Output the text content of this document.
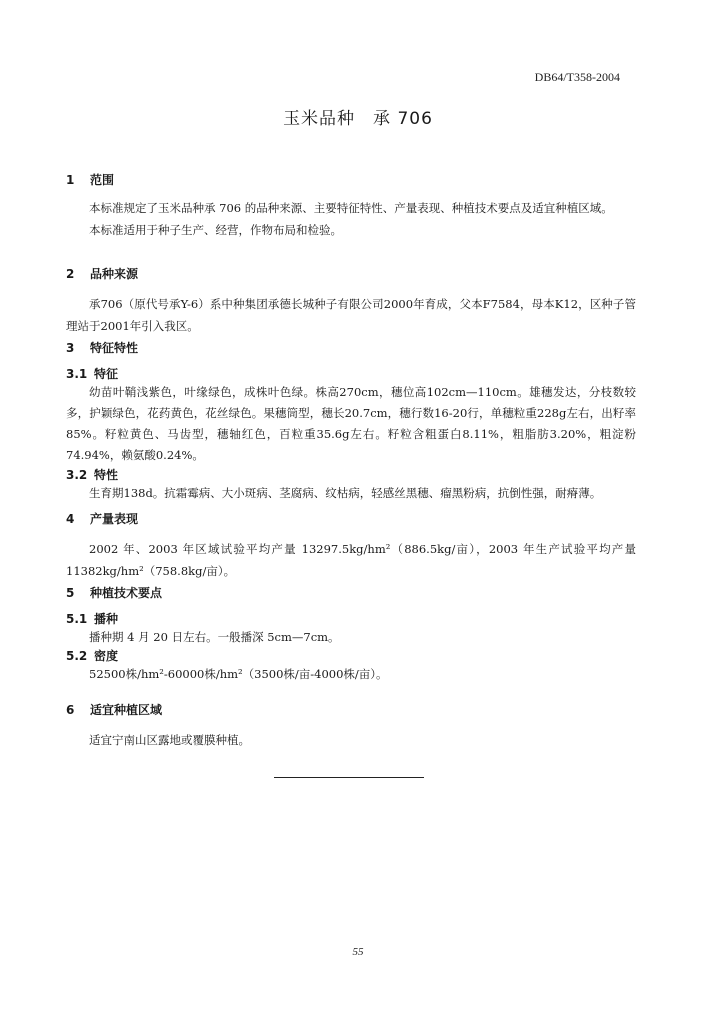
DB64/T358-2004
玉米品种　承 706
1 范围

本标准规定了玉米品种承 706 的品种来源、主要特征特性、产量表现、种植技术要点及适宜种植区域。

本标准适用于种子生产、经营，作物布局和检验。

2 品种来源

承706（原代号承Y-6）系中种集团承德长城种子有限公司2000年育成，父本F7584，母本K12，区种子管理站于2001年引入我区。

3 特征特性
3.1 特征

幼苗叶鞘浅紫色，叶缘绿色，成株叶色绿。株高270cm，穗位高102cm—110cm。雄穗发达，分枝数较多，护颖绿色，花药黄色，花丝绿色。果穗筒型，穗长20.7cm，穗行数16-20行，单穗粒重228g左右，出籽率85%。籽粒黄色、马齿型，穗轴红色，百粒重35.6g左右。籽粒含粗蛋白8.11%，粗脂肪3.20%，粗淀粉74.94%，赖氨酸0.24%。

3.2 特性

生育期138d。抗霜霉病、大小斑病、茎腐病、纹枯病，轻感丝黑穗、瘤黑粉病，抗倒性强，耐瘠薄。

4 产量表现

2002 年、2003 年区域试验平均产量 13297.5kg/hm²（886.5kg/亩），2003 年生产试验平均产量11382kg/hm²（758.8kg/亩）。

5 种植技术要点
5.1 播种

播种期 4 月 20 日左右。一般播深 5cm—7cm。

5.2 密度

52500株/hm²-60000株/hm²（3500株/亩-4000株/亩）。

6 适宜种植区域

适宜宁南山区露地或覆膜种植。

55
